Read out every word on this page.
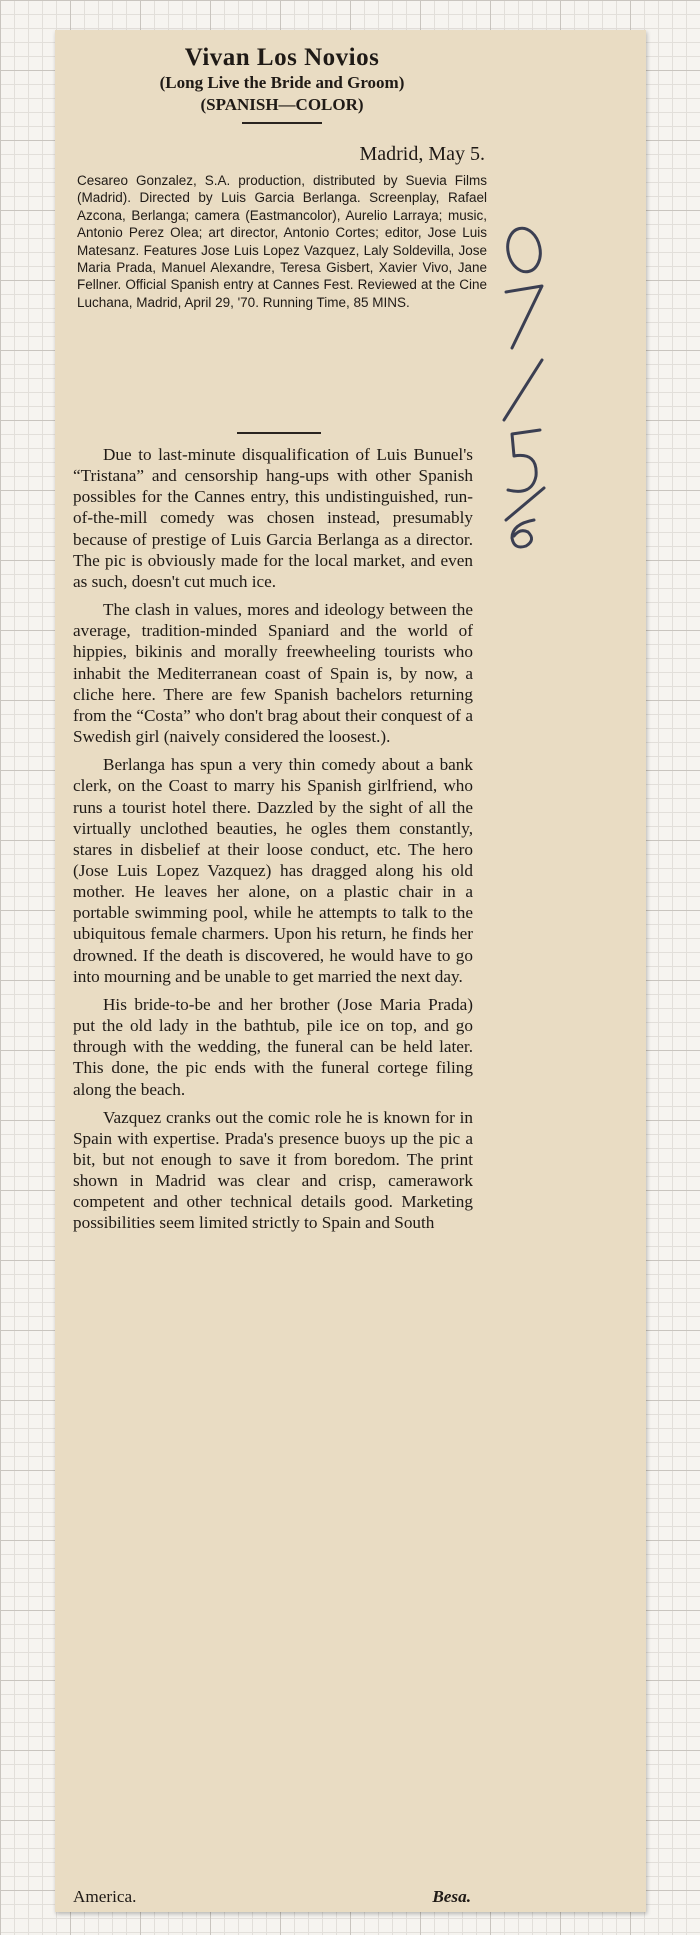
Vivan Los Novios
(Long Live the Bride and Groom)
(SPANISH—COLOR)
Madrid, May 5.
Cesareo Gonzalez, S.A. production, distributed by Suevia Films (Madrid). Directed by Luis Garcia Berlanga. Screenplay, Rafael Azcona, Berlanga; camera (Eastmancolor), Aurelio Larraya; music, Antonio Perez Olea; art director, Antonio Cortes; editor, Jose Luis Matesanz. Features Jose Luis Lopez Vazquez, Laly Soldevilla, Jose Maria Prada, Manuel Alexandre, Teresa Gisbert, Xavier Vivo, Jane Fellner. Official Spanish entry at Cannes Fest. Reviewed at the Cine Luchana, Madrid, April 29, '70. Running Time, 85 MINS.

Due to last-minute disqualification of Luis Bunuel's “Tristana” and censorship hang-ups with other Spanish possibles for the Cannes entry, this undistinguished, run-of-the-mill comedy was chosen instead, presumably because of prestige of Luis Garcia Berlanga as a director. The pic is obviously made for the local market, and even as such, doesn't cut much ice.

The clash in values, mores and ideology between the average, tradition-minded Spaniard and the world of hippies, bikinis and morally freewheeling tourists who inhabit the Mediterranean coast of Spain is, by now, a cliche here. There are few Spanish bachelors returning from the “Costa” who don't brag about their conquest of a Swedish girl (naively considered the loosest.).

Berlanga has spun a very thin comedy about a bank clerk, on the Coast to marry his Spanish girlfriend, who runs a tourist hotel there. Dazzled by the sight of all the virtually unclothed beauties, he ogles them constantly, stares in disbelief at their loose conduct, etc. The hero (Jose Luis Lopez Vazquez) has dragged along his old mother. He leaves her alone, on a plastic chair in a portable swimming pool, while he attempts to talk to the ubiquitous female charmers. Upon his return, he finds her drowned. If the death is discovered, he would have to go into mourning and be unable to get married the next day.

His bride-to-be and her brother (Jose Maria Prada) put the old lady in the bathtub, pile ice on top, and go through with the wedding, the funeral can be held later. This done, the pic ends with the funeral cortege filing along the beach.

Vazquez cranks out the comic role he is known for in Spain with expertise. Prada's presence buoys up the pic a bit, but not enough to save it from boredom. The print shown in Madrid was clear and crisp, camerawork competent and other technical details good. Marketing possibilities seem limited strictly to Spain and South

America.	Besa.
